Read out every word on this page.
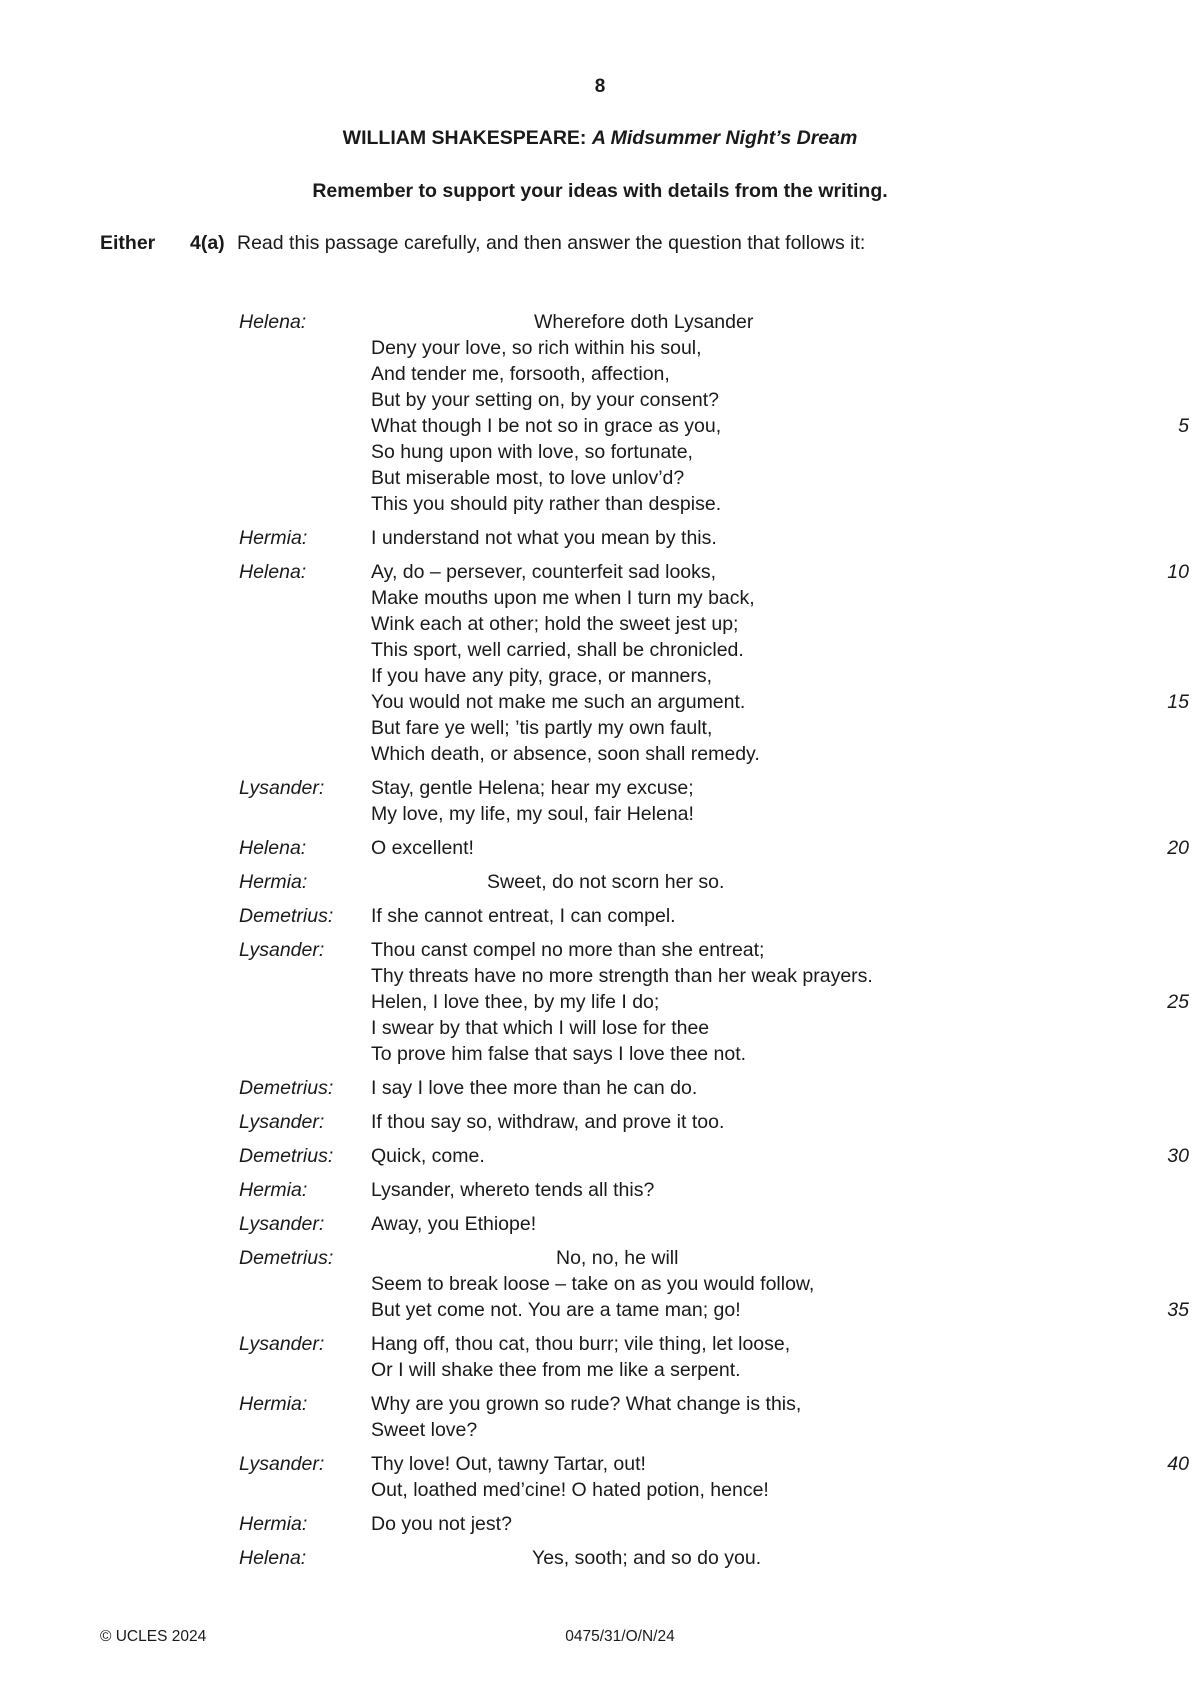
8
WILLIAM SHAKESPEARE: A Midsummer Night’s Dream
Remember to support your ideas with details from the writing.
Either 4(a) Read this passage carefully, and then answer the question that follows it:
Helena:	Wherefore doth Lysander
Deny your love, so rich within his soul,
And tender me, forsooth, affection,
But by your setting on, by your consent?
What though I be not so in grace as you,	5
So hung upon with love, so fortunate,
But miserable most, to love unlov’d?
This you should pity rather than despise.
Hermia:	I understand not what you mean by this.
Helena:	Ay, do – persever, counterfeit sad looks,	10
Make mouths upon me when I turn my back,
Wink each at other; hold the sweet jest up;
This sport, well carried, shall be chronicled.
If you have any pity, grace, or manners,
You would not make me such an argument.	15
But fare ye well; ’tis partly my own fault,
Which death, or absence, soon shall remedy.
Lysander: Stay, gentle Helena; hear my excuse;
My love, my life, my soul, fair Helena!
Helena:	O excellent!	20
Hermia:	Sweet, do not scorn her so.
Demetrius: If she cannot entreat, I can compel.
Lysander: Thou canst compel no more than she entreat;
Thy threats have no more strength than her weak prayers.
Helen, I love thee, by my life I do;	25
I swear by that which I will lose for thee
To prove him false that says I love thee not.
Demetrius: I say I love thee more than he can do.
Lysander: If thou say so, withdraw, and prove it too.
Demetrius: Quick, come.	30
Hermia:	Lysander, whereto tends all this?
Lysander: Away, you Ethiope!
Demetrius:	No, no, he will
Seem to break loose – take on as you would follow,
But yet come not. You are a tame man; go!	35
Lysander: Hang off, thou cat, thou burr; vile thing, let loose,
Or I will shake thee from me like a serpent.
Hermia:	Why are you grown so rude? What change is this,
Sweet love?
Lysander: Thy love! Out, tawny Tartar, out!	40
Out, loathed med’cine! O hated potion, hence!
Hermia:	Do you not jest?
Helena:	Yes, sooth; and so do you.
© UCLES 2024	0475/31/O/N/24
